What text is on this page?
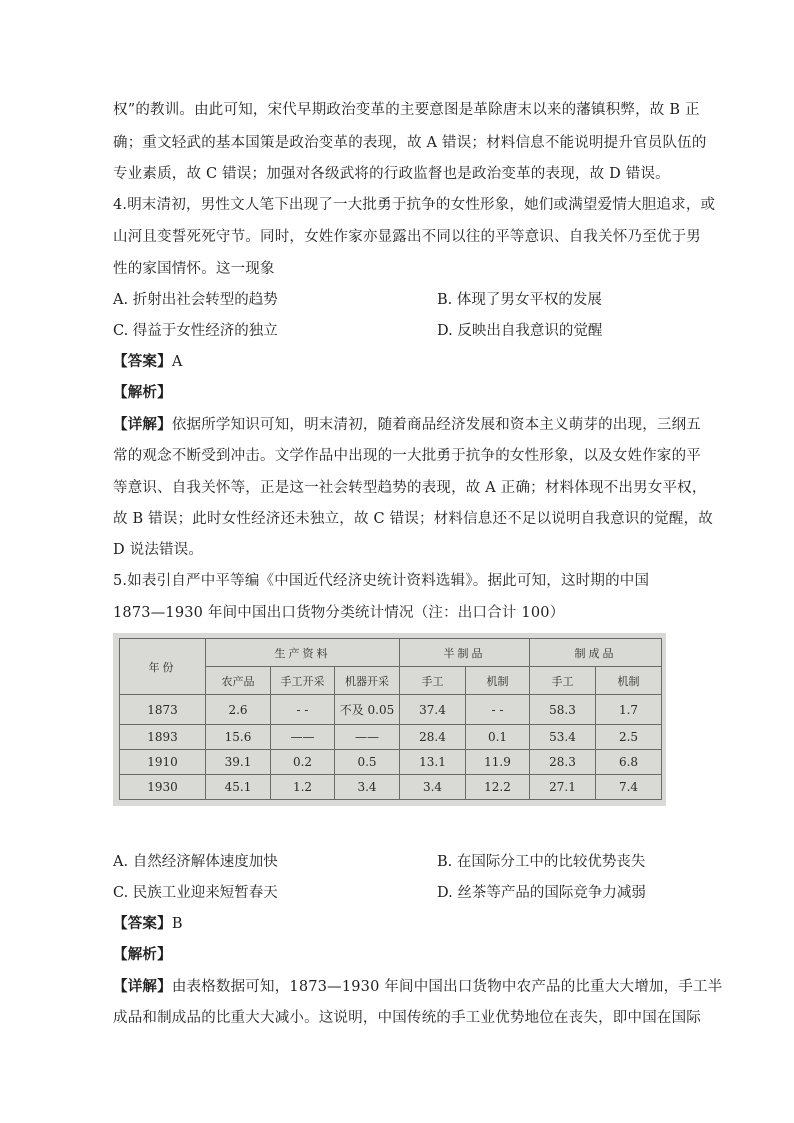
权”的教训。由此可知，宋代早期政治变革的主要意图是革除唐末以来的藩镇积弊，故 B 正
确；重文轻武的基本国策是政治变革的表现，故 A 错误；材料信息不能说明提升官员队伍的
专业素质，故 C 错误；加强对各级武将的行政监督也是政治变革的表现，故 D 错误。
4.明末清初，男性文人笔下出现了一大批勇于抗争的女性形象，她们或满望爱情大胆追求，或
山河且变誓死死守节。同时，女姓作家亦显露出不同以往的平等意识、自我关怀乃至优于男
性的家国情怀。这一现象
A. 折射出社会转型的趋势	B. 体现了男女平权的发展
C. 得益于女性经济的独立	D. 反映出自我意识的觉醒
【答案】A
【解析】
【详解】依据所学知识可知，明末清初，随着商品经济发展和资本主义萌芽的出现，三纲五
常的观念不断受到冲击。文学作品中出现的一大批勇于抗争的女性形象，以及女姓作家的平
等意识、自我关怀等，正是这一社会转型趋势的表现，故 A 正确；材料体现不出男女平权，
故 B 错误；此时女性经济还未独立，故 C 错误；材料信息还不足以说明自我意识的觉醒，故
D 说法错误。
5.如表引自严中平等编《中国近代经济史统计资料选辑》。据此可知，这时期的中国
1873—1930 年间中国出口货物分类统计情况（注：出口合计 100）
年份	生产资料			半制品		制成品	
	农产品	手工开采	机器开采	手工	机制	手工	机制
1873	2.6	- -	不及 0.05	37.4	- -	58.3	1.7
1893	15.6	——	——	28.4	0.1	53.4	2.5
1910	39.1	0.2	0.5	13.1	11.9	28.3	6.8
1930	45.1	1.2	3.4	3.4	12.2	27.1	7.4
A. 自然经济解体速度加快	B. 在国际分工中的比较优势丧失
C. 民族工业迎来短暂春天	D. 丝茶等产品的国际竞争力减弱
【答案】B
【解析】
【详解】由表格数据可知，1873—1930 年间中国出口货物中农产品的比重大大增加，手工半
成品和制成品的比重大大减小。这说明，中国传统的手工业优势地位在丧失，即中国在国际
